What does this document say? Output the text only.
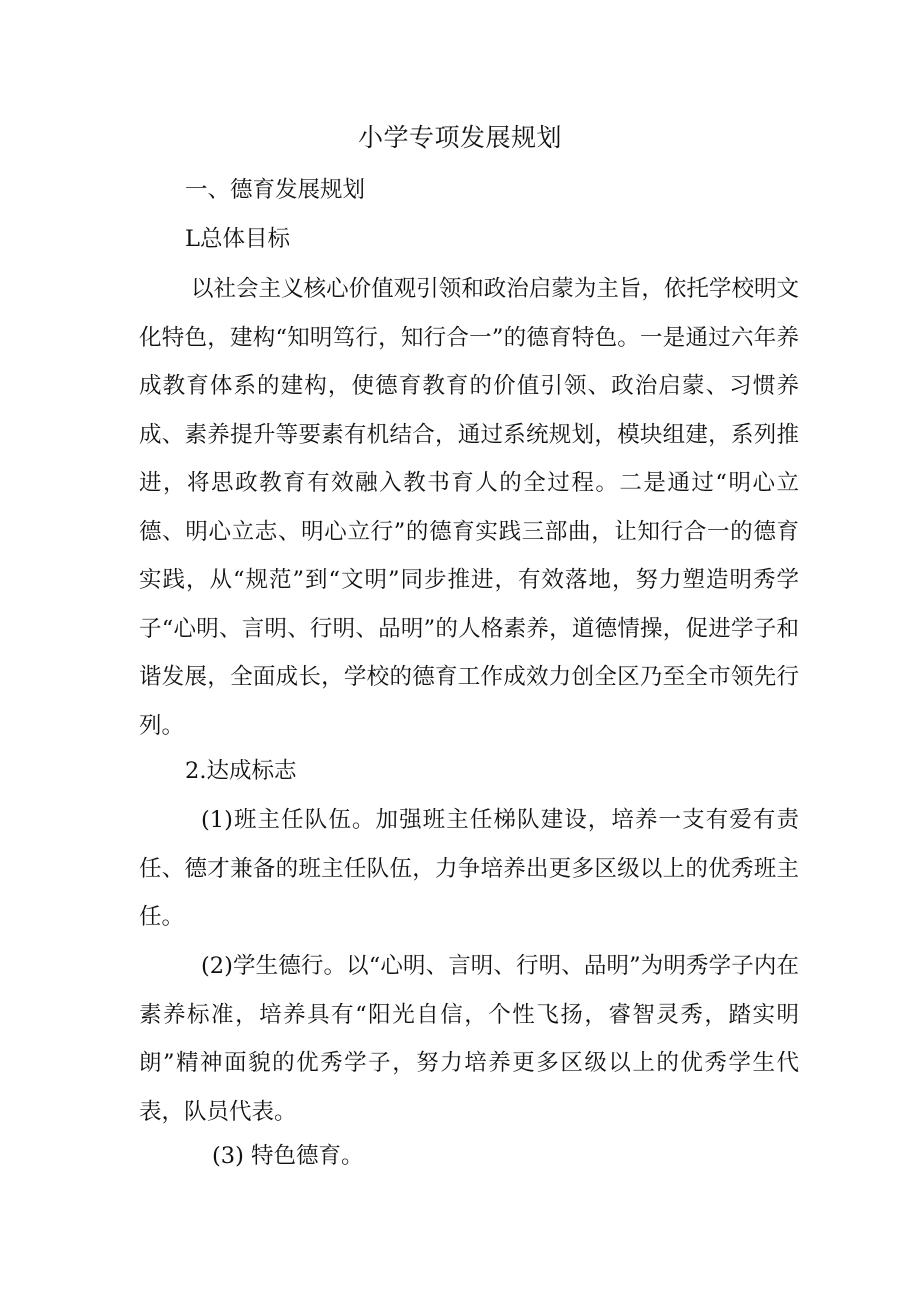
小学专项发展规划
一、德育发展规划
L总体目标

以社会主义核心价值观引领和政治启蒙为主旨，依托学校明文化特色，建构“知明笃行，知行合一”的德育特色。一是通过六年养成教育体系的建构，使德育教育的价值引领、政治启蒙、习惯养成、素养提升等要素有机结合，通过系统规划，模块组建，系列推进，将思政教育有效融入教书育人的全过程。二是通过“明心立德、明心立志、明心立行”的德育实践三部曲，让知行合一的德育实践，从“规范”到“文明”同步推进，有效落地，努力塑造明秀学子“心明、言明、行明、品明”的人格素养，道德情操，促进学子和谐发展，全面成长，学校的德育工作成效力创全区乃至全市领先行列。

2.达成标志

(1)班主任队伍。加强班主任梯队建设，培养一支有爱有责任、德才兼备的班主任队伍，力争培养出更多区级以上的优秀班主任。

(2)学生德行。以“心明、言明、行明、品明”为明秀学子内在素养标准，培养具有“阳光自信，个性飞扬，睿智灵秀，踏实明朗”精神面貌的优秀学子，努力培养更多区级以上的优秀学生代表，队员代表。

(3) 特色德育。
